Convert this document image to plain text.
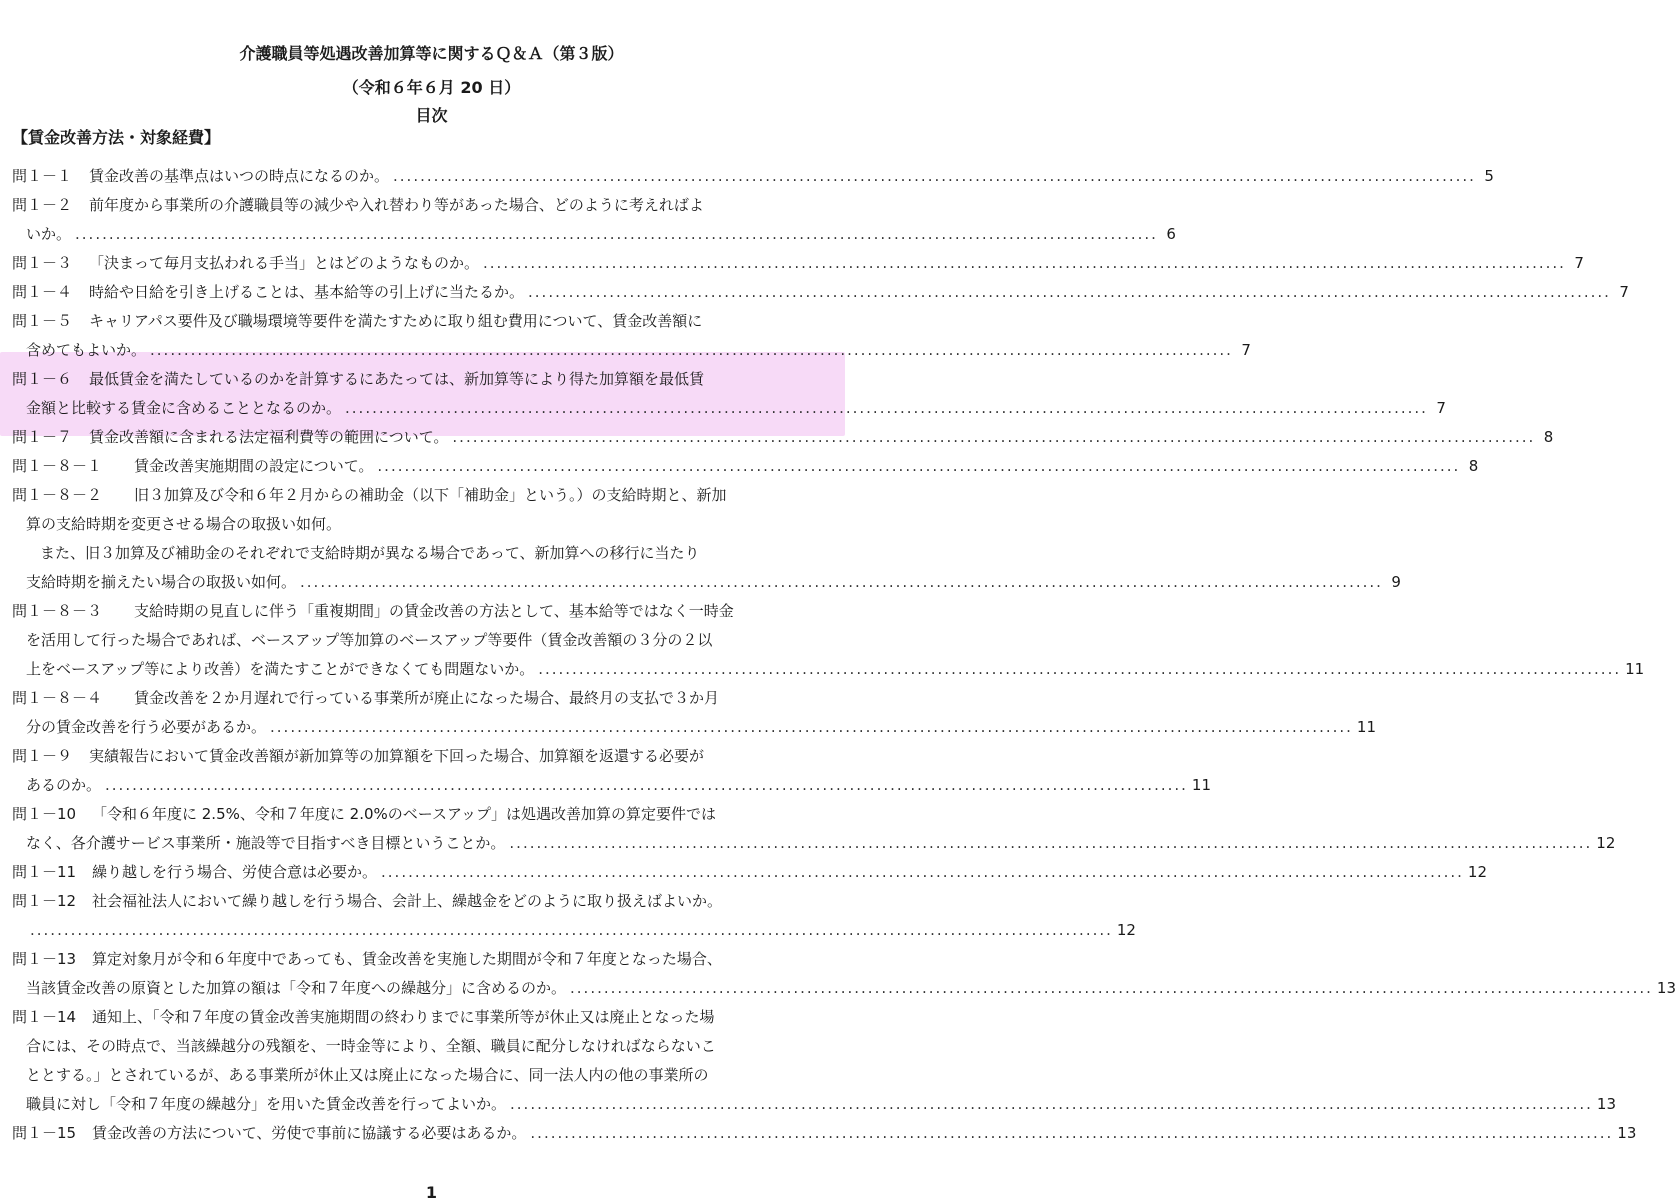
介護職員等処遇改善加算等に関するＱ＆Ａ（第３版）
（令和６年６月 20 日）
目次
【賃金改善方法・対象経費】
問１－１	賃金改善の基準点はいつの時点になるのか。 .....	5
問１－２	前年度から事業所の介護職員等の減少や入れ替わり等があった場合、どのように考えればよ
いか。 .....	6
問１－３	「決まって毎月支払われる手当」とはどのようなものか。 .....	7
問１－４	時給や日給を引き上げることは、基本給等の引上げに当たるか。 .....	7
問１－５	キャリアパス要件及び職場環境等要件を満たすために取り組む費用について、賃金改善額に
含めてもよいか。 .....	7
問１－６	最低賃金を満たしているのかを計算するにあたっては、新加算等により得た加算額を最低賃
金額と比較する賃金に含めることとなるのか。 .....	7
問１－７	賃金改善額に含まれる法定福利費等の範囲について。 .....	8
問１－８－１	賃金改善実施期間の設定について。 .....	8
問１－８－２	旧３加算及び令和６年２月からの補助金（以下「補助金」という。）の支給時期と、新加
算の支給時期を変更させる場合の取扱い如何。
また、旧３加算及び補助金のそれぞれで支給時期が異なる場合であって、新加算への移行に当たり
支給時期を揃えたい場合の取扱い如何。 .....	9
問１－８－３	支給時期の見直しに伴う「重複期間」の賃金改善の方法として、基本給等ではなく一時金
を活用して行った場合であれば、ベースアップ等加算のベースアップ等要件（賃金改善額の３分の２以
上をベースアップ等により改善）を満たすことができなくても問題ないか。 .....	11
問１－８－４	賃金改善を２か月遅れで行っている事業所が廃止になった場合、最終月の支払で３か月
分の賃金改善を行う必要があるか。 .....	11
問１－９	実績報告において賃金改善額が新加算等の加算額を下回った場合、加算額を返還する必要が
あるのか。 .....	11
問１－10	「令和６年度に 2.5%、令和７年度に 2.0%のベースアップ」は処遇改善加算の算定要件では
なく、各介護サービス事業所・施設等で目指すべき目標ということか。 .....	12
問１－11	繰り越しを行う場合、労使合意は必要か。 .....	12
問１－12	社会福祉法人において繰り越しを行う場合、会計上、繰越金をどのように取り扱えばよいか。
.....
12
問１－13	算定対象月が令和６年度中であっても、賃金改善を実施した期間が令和７年度となった場合、
当該賃金改善の原資とした加算の額は「令和７年度への繰越分」に含めるのか。 .....	13
問１－14	通知上、「令和７年度の賃金改善実施期間の終わりまでに事業所等が休止又は廃止となった場
合には、その時点で、当該繰越分の残額を、一時金等により、全額、職員に配分しなければならないこ
ととする。」とされているが、ある事業所が休止又は廃止になった場合に、同一法人内の他の事業所の
職員に対し「令和７年度の繰越分」を用いた賃金改善を行ってよいか。 .....	13
問１－15	賃金改善の方法について、労使で事前に協議する必要はあるか。 .....	13
1
